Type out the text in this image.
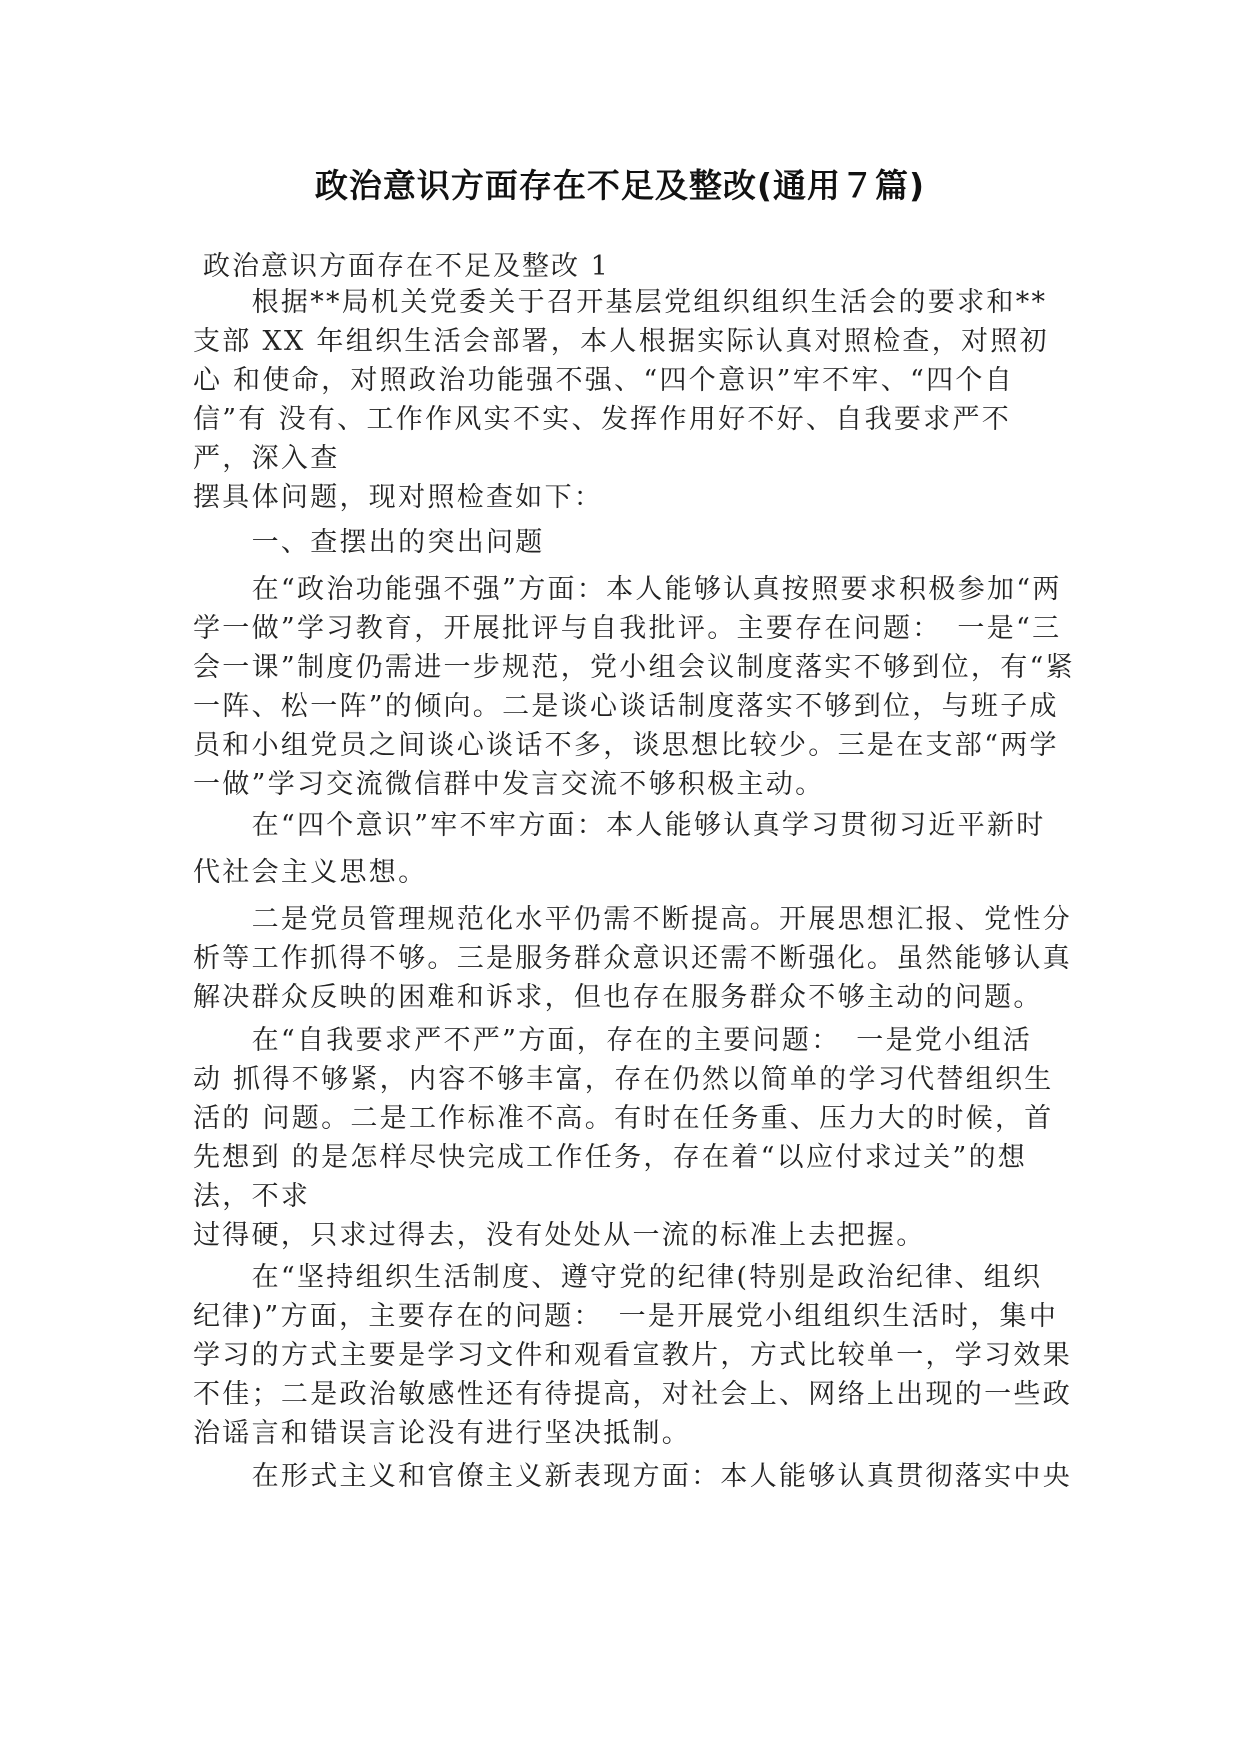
政治意识方面存在不足及整改(通用７篇)
政治意识方面存在不足及整改 1
　　根据**局机关党委关于召开基层党组织组织生活会的要求和**
支部 XX 年组织生活会部署，本人根据实际认真对照检查，对照初
心 和使命，对照政治功能强不强、“四个意识”牢不牢、“四个自
信”有 没有、工作作风实不实、发挥作用好不好、自我要求严不
严，深入查
摆具体问题，现对照检查如下：
　　一、查摆出的突出问题
　　在“政治功能强不强”方面：本人能够认真按照要求积极参加“两
学一做”学习教育，开展批评与自我批评。主要存在问题：　一是“三
会一课”制度仍需进一步规范，党小组会议制度落实不够到位，有“紧
一阵、松一阵”的倾向。二是谈心谈话制度落实不够到位，与班子成
员和小组党员之间谈心谈话不多，谈思想比较少。三是在支部“两学
一做”学习交流微信群中发言交流不够积极主动。
　　在“四个意识”牢不牢方面：本人能够认真学习贯彻习近平新时
代社会主义思想。
　　二是党员管理规范化水平仍需不断提高。开展思想汇报、党性分
析等工作抓得不够。三是服务群众意识还需不断强化。虽然能够认真
解决群众反映的困难和诉求，但也存在服务群众不够主动的问题。
　　在“自我要求严不严”方面，存在的主要问题：　一是党小组活
动 抓得不够紧，内容不够丰富，存在仍然以简单的学习代替组织生
活的 问题。二是工作标准不高。有时在任务重、压力大的时候，首
先想到 的是怎样尽快完成工作任务，存在着“以应付求过关”的想
法，不求
过得硬，只求过得去，没有处处从一流的标准上去把握。
　　在“坚持组织生活制度、遵守党的纪律(特别是政治纪律、组织
纪律)”方面，主要存在的问题：　一是开展党小组组织生活时，集中
学习的方式主要是学习文件和观看宣教片，方式比较单一，学习效果
不佳；二是政治敏感性还有待提高，对社会上、网络上出现的一些政
治谣言和错误言论没有进行坚决抵制。
　　在形式主义和官僚主义新表现方面：本人能够认真贯彻落实中央
